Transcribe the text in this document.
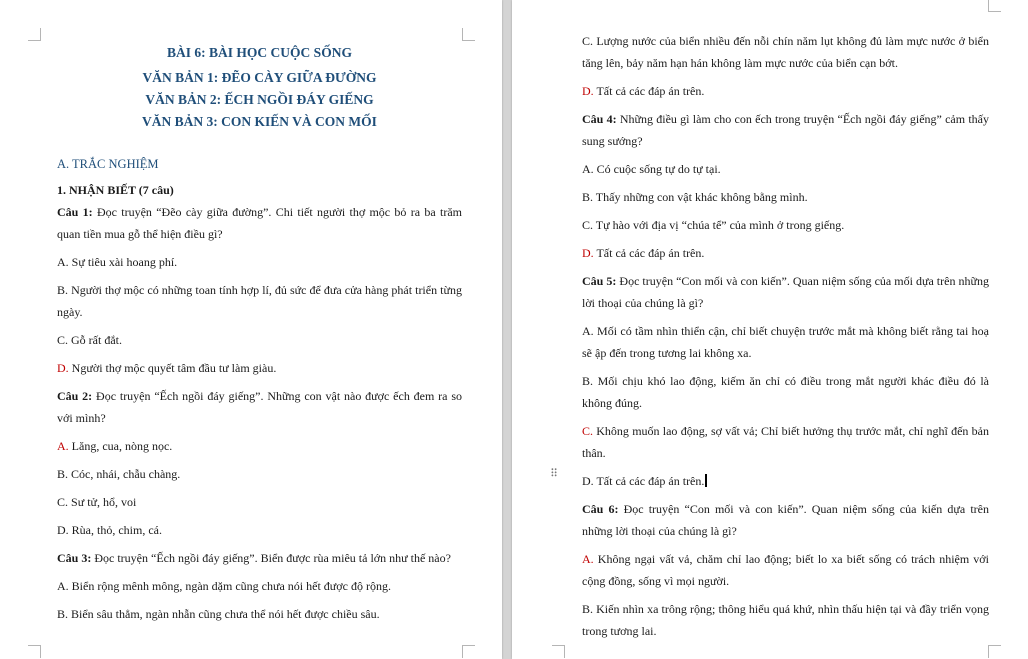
BÀI 6: BÀI HỌC CUỘC SỐNG
VĂN BẢN 1: ĐẼO CÀY GIỮA ĐƯỜNG
VĂN BẢN 2: ẾCH NGỒI ĐÁY GIẾNG
VĂN BẢN 3: CON KIẾN VÀ CON MỐI
A. TRẮC NGHIỆM
1. NHẬN BIẾT (7 câu)

Câu 1: Đọc truyện “Đẽo cày giữa đường”. Chi tiết người thợ mộc bỏ ra ba trăm quan tiền mua gỗ thể hiện điều gì?

A. Sự tiêu xài hoang phí.

B. Người thợ mộc có những toan tính hợp lí, đủ sức để đưa cửa hàng phát triển từng ngày.

C. Gỗ rất đắt.

D. Người thợ mộc quyết tâm đầu tư làm giàu.

Câu 2: Đọc truyện “Ếch ngồi đáy giếng”. Những con vật nào được ếch đem ra so với mình?

A. Lăng, cua, nòng nọc.

B. Cóc, nhái, chẫu chàng.

C. Sư tử, hổ, voi

D. Rùa, thỏ, chim, cá.

Câu 3: Đọc truyện “Ếch ngồi đáy giếng”. Biển được rùa miêu tả lớn như thế nào?

A. Biển rộng mênh mông, ngàn dặm cũng chưa nói hết được độ rộng.

B. Biển sâu thẳm, ngàn nhẫn cũng chưa thể nói hết được chiều sâu.

⠿

C. Lượng nước của biển nhiều đến nỗi chín năm lụt không đủ làm mực nước ở biển tăng lên, bảy năm hạn hán không làm mực nước của biển cạn bớt.

D. Tất cả các đáp án trên.

Câu 4: Những điều gì làm cho con ếch trong truyện “Ếch ngồi đáy giếng” cảm thấy sung sướng?

A. Có cuộc sống tự do tự tại.

B. Thấy những con vật khác không bằng mình.

C. Tự hào với địa vị “chúa tể” của mình ở trong giếng.

D. Tất cả các đáp án trên.

Câu 5: Đọc truyện “Con mối và con kiến”. Quan niệm sống của mối dựa trên những lời thoại của chúng là gì?

A. Mối có tầm nhìn thiển cận, chỉ biết chuyện trước mắt mà không biết rằng tai hoạ sẽ ập đến trong tương lai không xa.

B. Mối chịu khó lao động, kiếm ăn chỉ có điều trong mắt người khác điều đó là không đúng.

C. Không muốn lao động, sợ vất vả; Chỉ biết hưởng thụ trước mắt, chỉ nghĩ đến bản thân.

D. Tất cả các đáp án trên.

Câu 6: Đọc truyện “Con mối và con kiến”. Quan niệm sống của kiến dựa trên những lời thoại của chúng là gì?

A. Không ngại vất vả, chăm chỉ lao động; biết lo xa biết sống có trách nhiệm với cộng đồng, sống vì mọi người.

B. Kiến nhìn xa trông rộng; thông hiểu quá khứ, nhìn thấu hiện tại và đầy triển vọng trong tương lai.
